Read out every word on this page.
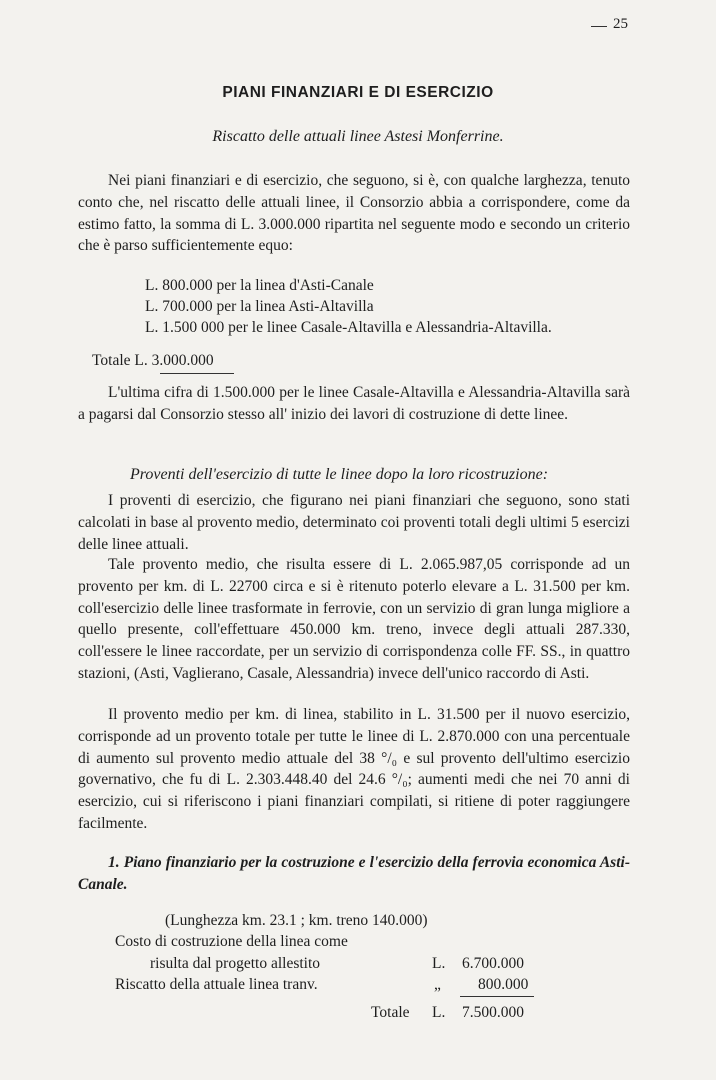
25
PIANI FINANZIARI E DI ESERCIZIO
Riscatto delle attuali linee Astesi Monferrine.

Nei piani finanziari e di esercizio, che seguono, si è, con qualche larghezza, tenuto conto che, nel riscatto delle attuali linee, il Consorzio abbia a corrispondere, come da estimo fatto, la somma di L. 3.000.000 ripartita nel seguente modo e secondo un criterio che è parso sufficientemente equo:

L. 800.000 per la linea d'Asti-Canale
L. 700.000 per la linea Asti-Altavilla
L. 1.500 000 per le linee Casale-Altavilla e Alessandria-Altavilla.
Totale L. 3.000.000

L'ultima cifra di 1.500.000 per le linee Casale-Altavilla e Alessandria-Altavilla sarà a pagarsi dal Consorzio stesso all' inizio dei lavori di costruzione di dette linee.

Proventi dell'esercizio di tutte le linee dopo la loro ricostruzione:

I proventi di esercizio, che figurano nei piani finanziari che seguono, sono stati calcolati in base al provento medio, determinato coi proventi totali degli ultimi 5 esercizi delle linee attuali.

Tale provento medio, che risulta essere di L. 2.065.987,05 corrisponde ad un provento per km. di L. 22700 circa e si è ritenuto poterlo elevare a L. 31.500 per km. coll'esercizio delle linee trasformate in ferrovie, con un servizio di gran lunga migliore a quello presente, coll'effettuare 450.000 km. treno, invece degli attuali 287.330, coll'essere le linee raccordate, per un servizio di corrispondenza colle FF. SS., in quattro stazioni, (Asti, Vaglierano, Casale, Alessandria) invece dell'unico raccordo di Asti.

Il provento medio per km. di linea, stabilito in L. 31.500 per il nuovo esercizio, corrisponde ad un provento totale per tutte le linee di L. 2.870.000 con una percentuale di aumento sul provento medio attuale del 38 °/₀ e sul provento dell'ultimo esercizio governativo, che fu di L. 2.303.448.40 del 24.6 °/₀; aumenti medi che nei 70 anni di esercizio, cui si riferiscono i piani finanziari compilati, si ritiene di poter raggiungere facilmente.

1. Piano finanziario per la costruzione e l'esercizio della ferrovia economica Asti-Canale.

(Lunghezza km. 23.1 ; km. treno 140.000)
Costo di costruzione della linea come
risulta dal progetto allestito	L. 6.700.000
Riscatto della attuale linea tranv.	„ 800.000
Totale L. 7.500.000
